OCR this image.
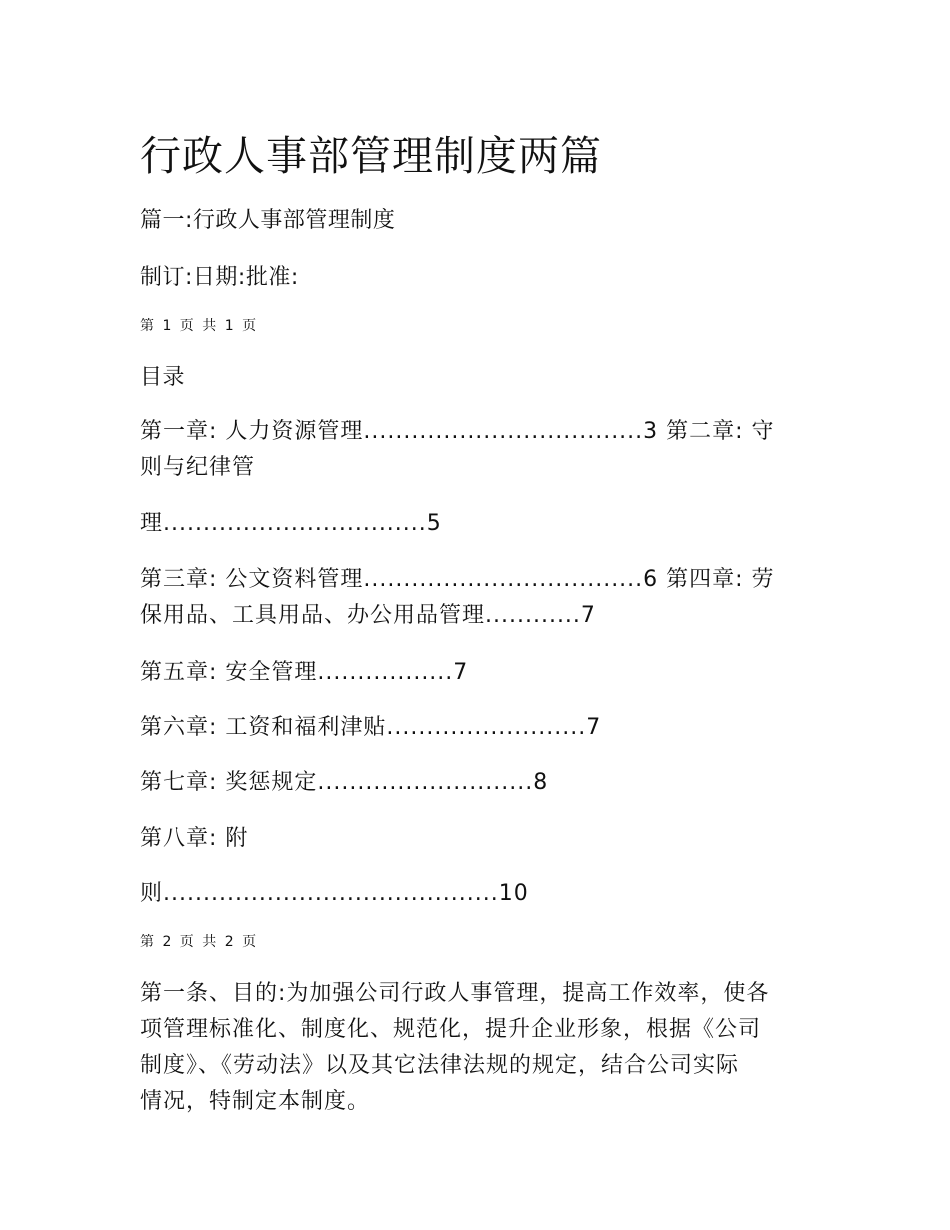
行政人事部管理制度两篇
篇一:行政人事部管理制度
制订:日期:批准:
第 1 页 共 1 页
目录
第一章: 人力资源管理...................................3 第二章: 守
则与纪律管
理.................................5
第三章: 公文资料管理...................................6 第四章: 劳
保用品、工具用品、办公用品管理............7
第五章: 安全管理.................7
第六章: 工资和福利津贴.........................7
第七章: 奖惩规定...........................8
第八章: 附
则..........................................10
第 2 页 共 2 页
第一条、目的:为加强公司行政人事管理，提高工作效率，使各
项管理标准化、制度化、规范化，提升企业形象，根据《公司
制度》、《劳动法》以及其它法律法规的规定，结合公司实际
情况，特制定本制度。
